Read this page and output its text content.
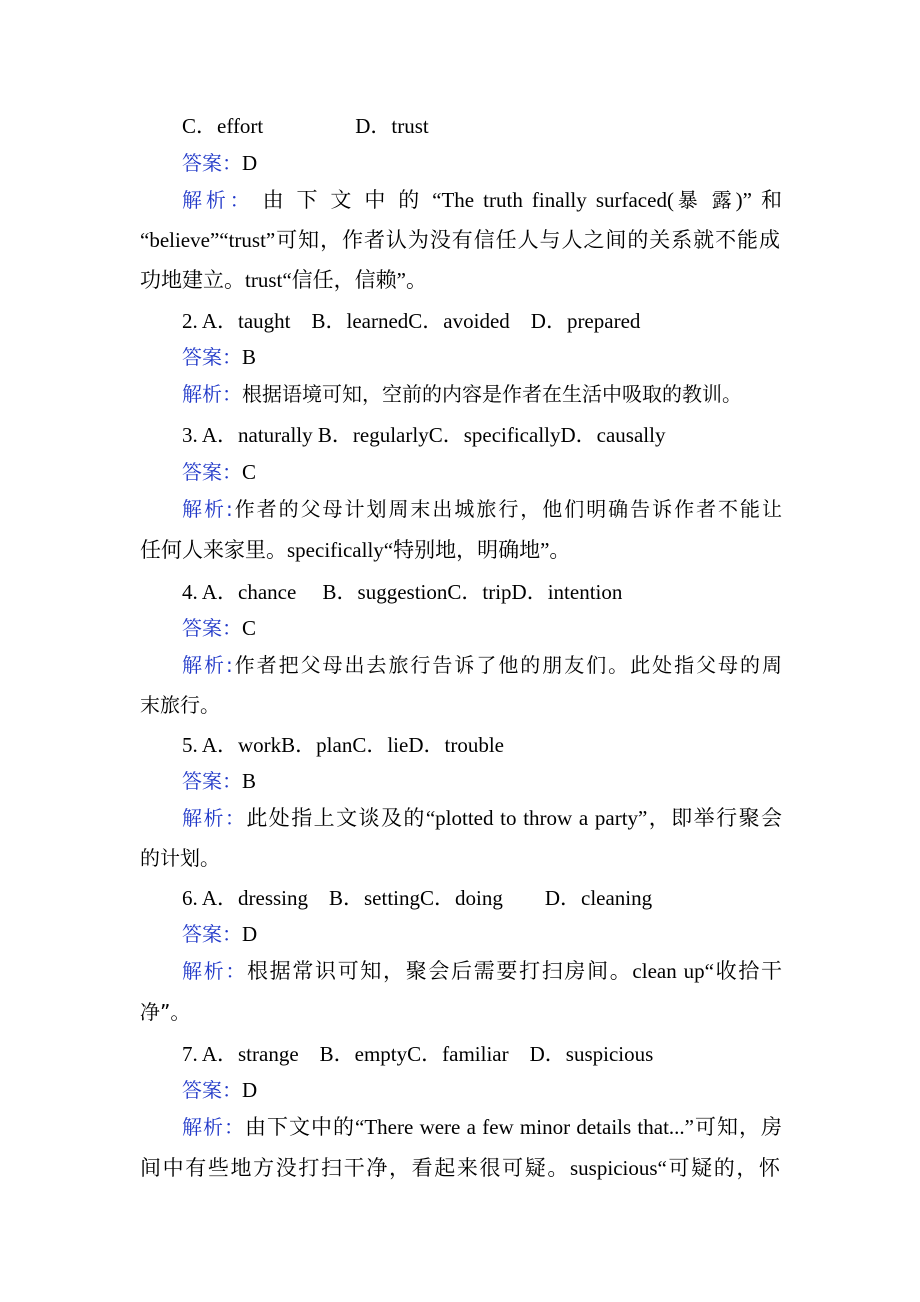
C．effort	D．trust
答案：D
解析： 由 下 文 中 的 “The truth finally surfaced(暴 露)” 和
“believe”“trust”可知，作者认为没有信任人与人之间的关系就不能成
功地建立。trust“信任，信赖”。
2. A．taught　B．learnedC．avoided　D．prepared
答案：B
解析：根据语境可知，空前的内容是作者在生活中吸取的教训。
3. A．naturally B．regularlyC．specificallyD．causally
答案：C
解析:作者的父母计划周末出城旅行，他们明确告诉作者不能让
任何人来家里。specifically“特别地，明确地”。
4. A．chance　 B．suggestionC．tripD．intention
答案：C
解析:作者把父母出去旅行告诉了他的朋友们。此处指父母的周
末旅行。
5. A．workB．planC．lieD．trouble
答案：B
解析：此处指上文谈及的“plotted to throw a party”，即举行聚会
的计划。
6. A．dressing　B．settingC．doing　　D．cleaning
答案：D
解析：根据常识可知，聚会后需要打扫房间。clean up“收拾干
净”。
7. A．strange　B．emptyC．familiar　D．suspicious
答案：D
解析：由下文中的“There were a few minor details that...”可知，房
间中有些地方没打扫干净，看起来很可疑。suspicious“可疑的，怀
